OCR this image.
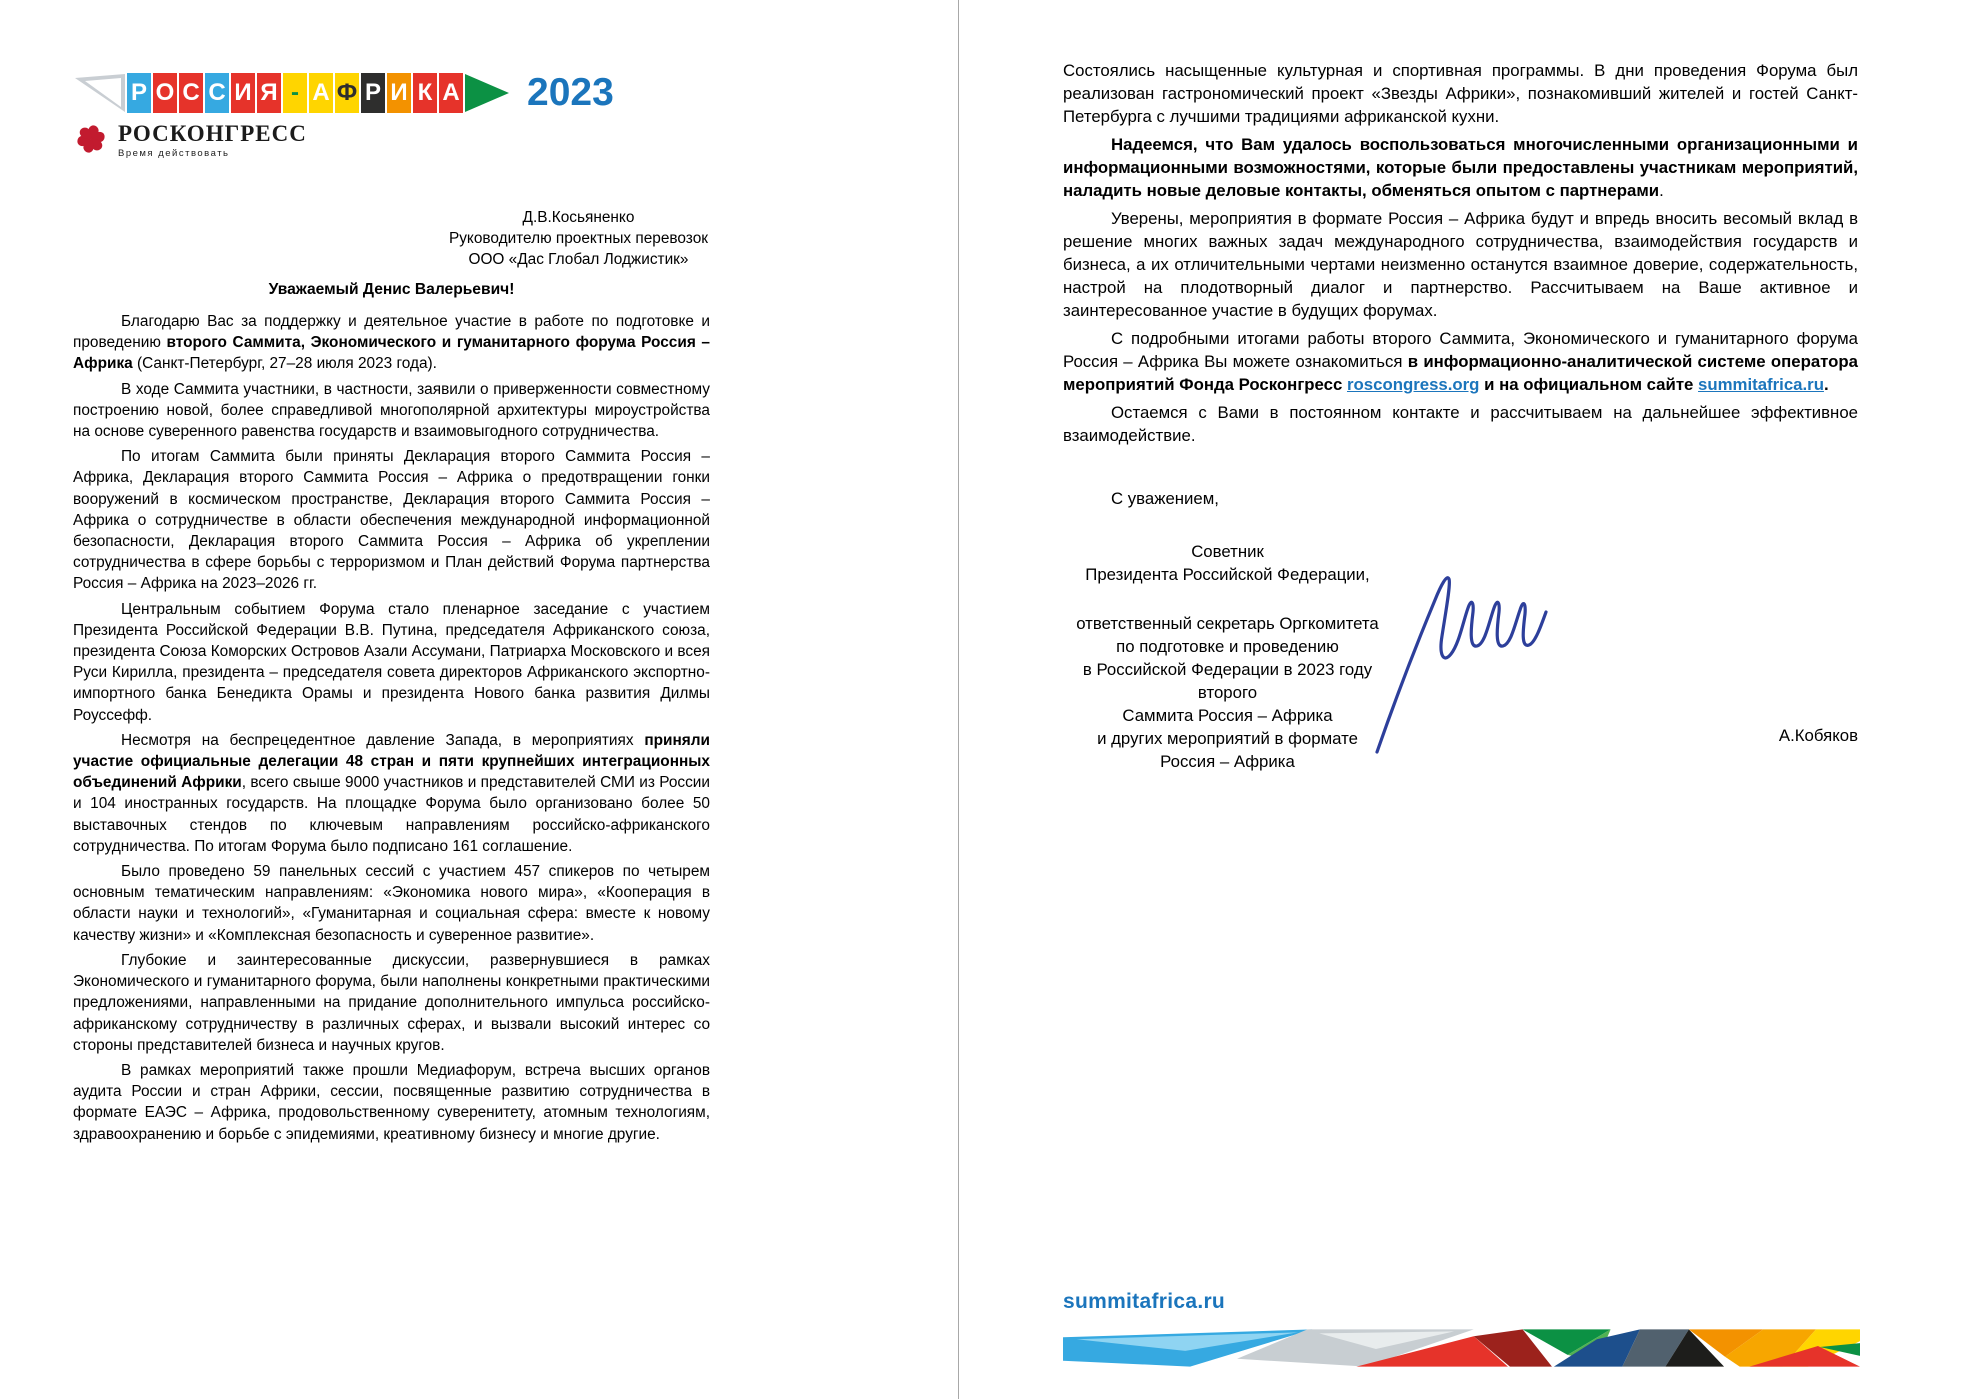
Р О С С И Я - А Ф Р И К А 2023
РОСКОНГРЕСС
Время действовать
Д.В.Косьяненко
Руководителю проектных перевозок
ООО «Дас Глобал Лоджистик»
Уважаемый Денис Валерьевич!

Благодарю Вас за поддержку и деятельное участие в работе по подготовке и проведению второго Саммита, Экономического и гуманитарного форума Россия – Африка (Санкт-Петербург, 27–28 июля 2023 года).

В ходе Саммита участники, в частности, заявили о приверженности совместному построению новой, более справедливой многополярной архитектуры мироустройства на основе суверенного равенства государств и взаимовыгодного сотрудничества.

По итогам Саммита были приняты Декларация второго Саммита Россия – Африка, Декларация второго Саммита Россия – Африка о предотвращении гонки вооружений в космическом пространстве, Декларация второго Саммита Россия – Африка о сотрудничестве в области обеспечения международной информационной безопасности, Декларация второго Саммита Россия – Африка об укреплении сотрудничества в сфере борьбы с терроризмом и План действий Форума партнерства Россия – Африка на 2023–2026 гг.

Центральным событием Форума стало пленарное заседание с участием Президента Российской Федерации В.В. Путина, председателя Африканского союза, президента Союза Коморских Островов Азали Ассумани, Патриарха Московского и всея Руси Кирилла, президента – председателя совета директоров Африканского экспортно-импортного банка Бенедикта Орамы и президента Нового банка развития Дилмы Роуссефф.

Несмотря на беспрецедентное давление Запада, в мероприятиях приняли участие официальные делегации 48 стран и пяти крупнейших интеграционных объединений Африки, всего свыше 9000 участников и представителей СМИ из России и 104 иностранных государств. На площадке Форума было организовано более 50 выставочных стендов по ключевым направлениям российско-африканского сотрудничества. По итогам Форума было подписано 161 соглашение.

Было проведено 59 панельных сессий с участием 457 спикеров по четырем основным тематическим направлениям: «Экономика нового мира», «Кооперация в области науки и технологий», «Гуманитарная и социальная сфера: вместе к новому качеству жизни» и «Комплексная безопасность и суверенное развитие».

Глубокие и заинтересованные дискуссии, развернувшиеся в рамках Экономического и гуманитарного форума, были наполнены конкретными практическими предложениями, направленными на придание дополнительного импульса российско-африканскому сотрудничеству в различных сферах, и вызвали высокий интерес со стороны представителей бизнеса и научных кругов.

В рамках мероприятий также прошли Медиафорум, встреча высших органов аудита России и стран Африки, сессии, посвященные развитию сотрудничества в формате ЕАЭС – Африка, продовольственному суверенитету, атомным технологиям, здравоохранению и борьбе с эпидемиями, креативному бизнесу и многие другие.

Состоялись насыщенные культурная и спортивная программы. В дни проведения Форума был реализован гастрономический проект «Звезды Африки», познакомивший жителей и гостей Санкт-Петербурга с лучшими традициями африканской кухни.

Надеемся, что Вам удалось воспользоваться многочисленными организационными и информационными возможностями, которые были предоставлены участникам мероприятий, наладить новые деловые контакты, обменяться опытом с партнерами.

Уверены, мероприятия в формате Россия – Африка будут и впредь вносить весомый вклад в решение многих важных задач международного сотрудничества, взаимодействия государств и бизнеса, а их отличительными чертами неизменно останутся взаимное доверие, содержательность, настрой на плодотворный диалог и партнерство. Рассчитываем на Ваше активное и заинтересованное участие в будущих форумах.

С подробными итогами работы второго Саммита, Экономического и гуманитарного форума Россия – Африка Вы можете ознакомиться в информационно-аналитической системе оператора мероприятий Фонда Росконгресс roscongress.org и на официальном сайте summitafrica.ru.

Остаемся с Вами в постоянном контакте и рассчитываем на дальнейшее эффективное взаимодействие.

С уважением,

Советник
Президента Российской Федерации,
ответственный секретарь Оргкомитета
по подготовке и проведению
в Российской Федерации в 2023 году второго
Саммита Россия – Африка
и других мероприятий в формате
Россия – Африка
А.Кобяков
summitafrica.ru
